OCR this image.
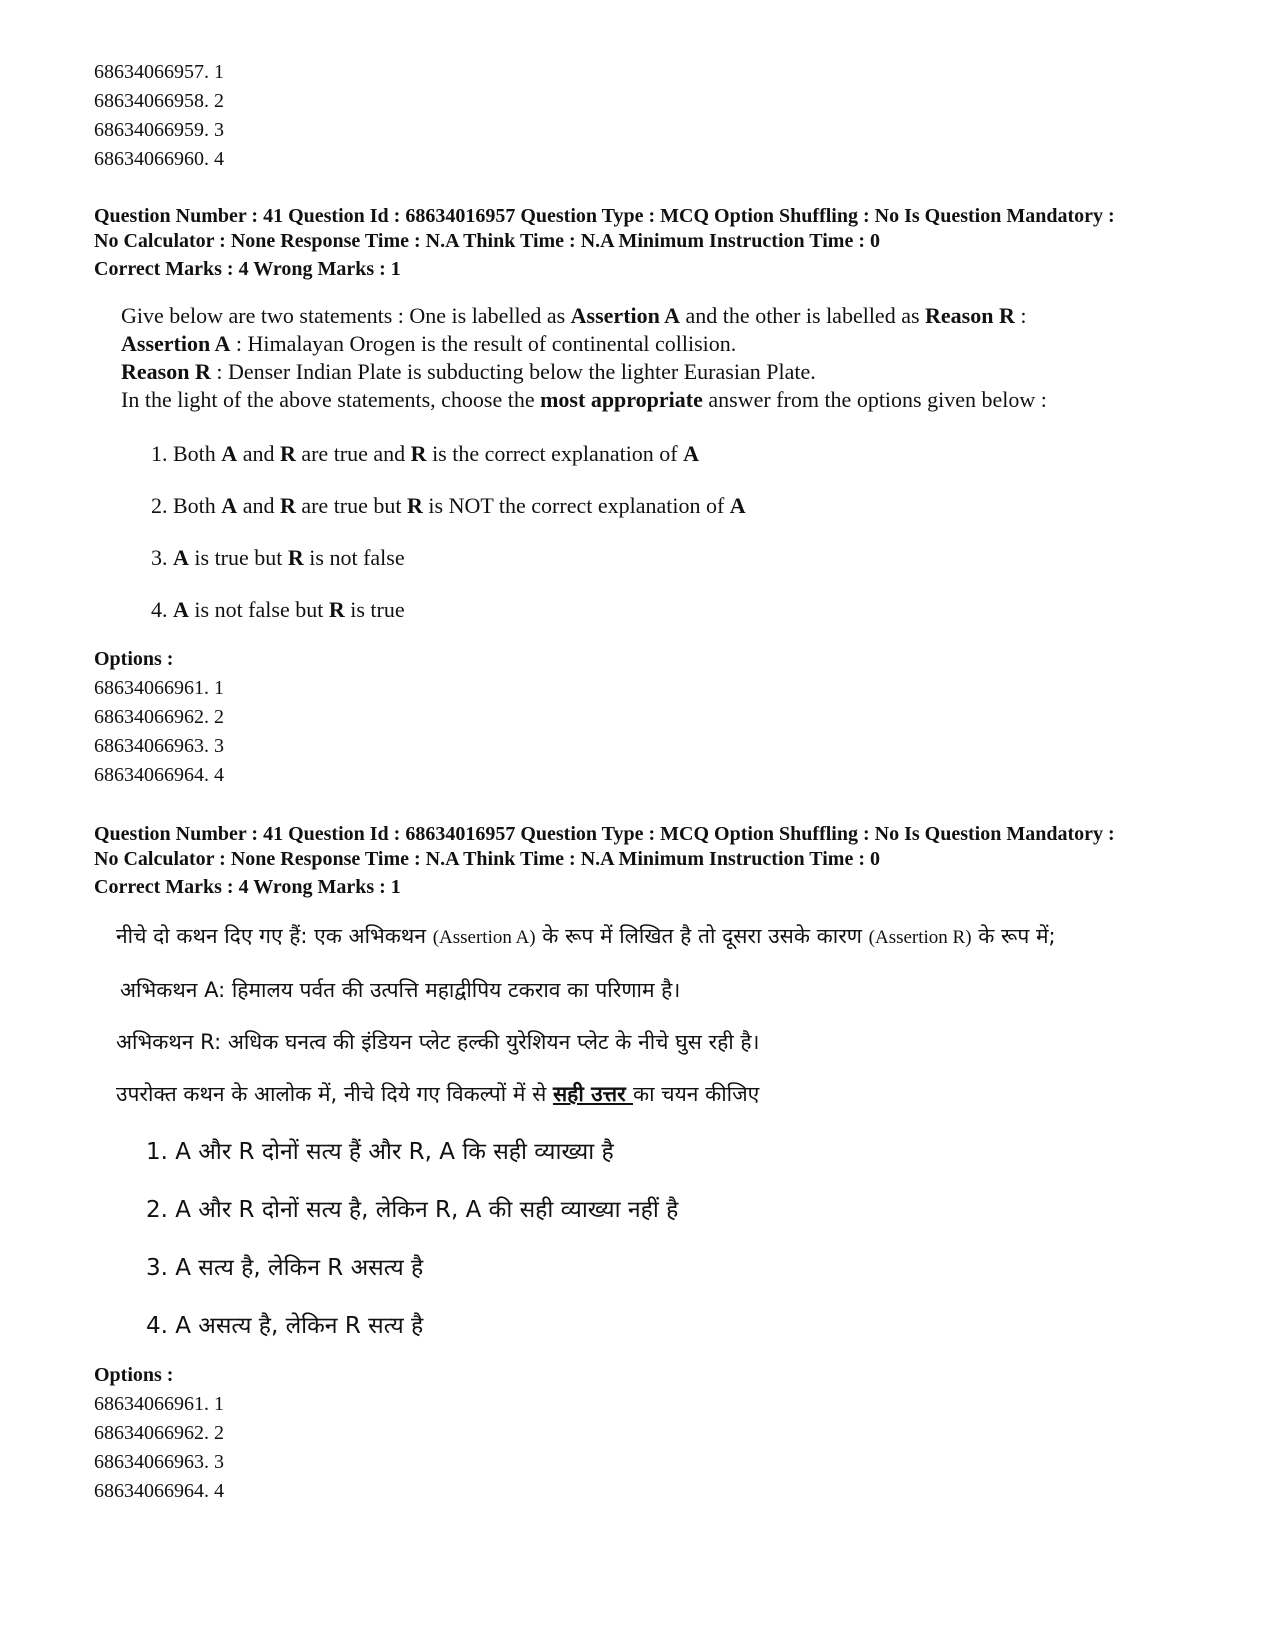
68634066957. 1
68634066958. 2
68634066959. 3
68634066960. 4
Question Number : 41 Question Id : 68634016957 Question Type : MCQ Option Shuffling : No Is Question Mandatory :
No Calculator : None Response Time : N.A Think Time : N.A Minimum Instruction Time : 0
Correct Marks : 4 Wrong Marks : 1
Give below are two statements : One is labelled as Assertion A and the other is labelled as Reason R :
Assertion A : Himalayan Orogen is the result of continental collision.
Reason R : Denser Indian Plate is subducting below the lighter Eurasian Plate.
In the light of the above statements, choose the most appropriate answer from the options given below :
1. Both A and R are true and R is the correct explanation of A
2. Both A and R are true but R is NOT the correct explanation of A
3. A is true but R is not false
4. A is not false but R is true
Options :
68634066961. 1
68634066962. 2
68634066963. 3
68634066964. 4
Question Number : 41 Question Id : 68634016957 Question Type : MCQ Option Shuffling : No Is Question Mandatory :
No Calculator : None Response Time : N.A Think Time : N.A Minimum Instruction Time : 0
Correct Marks : 4 Wrong Marks : 1
नीचे दो कथन दिए गए हैं: एक अभिकथन (Assertion A) के रूप में लिखित है तो दूसरा उसके कारण (Assertion R) के रूप में;
अभिकथन A: हिमालय पर्वत की उत्पत्ति महाद्वीपिय टकराव का परिणाम है।
अभिकथन R: अधिक घनत्व की इंडियन प्लेट हल्की युरेशियन प्लेट के नीचे घुस रही है।
उपरोक्त कथन के आलोक में, नीचे दिये गए विकल्पों में से सही उत्तर का चयन कीजिए
1. A और R दोनों सत्य हैं और R, A कि सही व्याख्या है
2. A और R दोनों सत्य है, लेकिन R, A की सही व्याख्या नहीं है
3. A सत्य है, लेकिन R असत्य है
4. A असत्य है, लेकिन R सत्य है
Options :
68634066961. 1
68634066962. 2
68634066963. 3
68634066964. 4
